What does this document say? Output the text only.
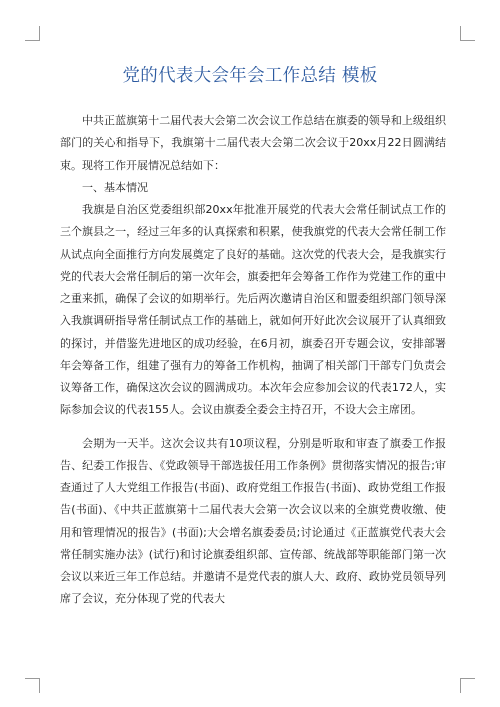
党的代表大会年会工作总结 模板

中共正蓝旗第十二届代表大会第二次会议工作总结在旗委的领导和上级组织部门的关心和指导下，我旗第十二届代表大会第二次会议于20xx月22日圆满结束。现将工作开展情况总结如下：

一、基本情况

我旗是自治区党委组织部20xx年批准开展党的代表大会常任制试点工作的三个旗县之一，经过三年多的认真探索和积累，使我旗党的代表大会常任制工作从试点向全面推行方向发展奠定了良好的基础。这次党的代表大会，是我旗实行党的代表大会常任制后的第一次年会，旗委把年会筹备工作作为党建工作的重中之重来抓，确保了会议的如期举行。先后两次邀请自治区和盟委组织部门领导深入我旗调研指导常任制试点工作的基础上，就如何开好此次会议展开了认真细致的探讨，并借鉴先进地区的成功经验，在6月初，旗委召开专题会议，安排部署年会筹备工作，组建了强有力的筹备工作机构，抽调了相关部门干部专门负责会议筹备工作，确保这次会议的圆满成功。本次年会应参加会议的代表172人，实际参加会议的代表155人。会议由旗委全委会主持召开，不设大会主席团。

会期为一天半。这次会议共有10项议程，分别是听取和审查了旗委工作报告、纪委工作报告、《党政领导干部选拔任用工作条例》贯彻落实情况的报告;审查通过了人大党组工作报告(书面)、政府党组工作报告(书面)、政协党组工作报告(书面)、《中共正蓝旗第十二届代表大会第一次会议以来的全旗党费收缴、使用和管理情况的报告》(书面);大会增名旗委委员;讨论通过《正蓝旗党代表大会常任制实施办法》(试行)和讨论旗委组织部、宣传部、统战部等职能部门第一次会议以来近三年工作总结。并邀请不是党代表的旗人大、政府、政协党员领导列席了会议，充分体现了党的代表大
